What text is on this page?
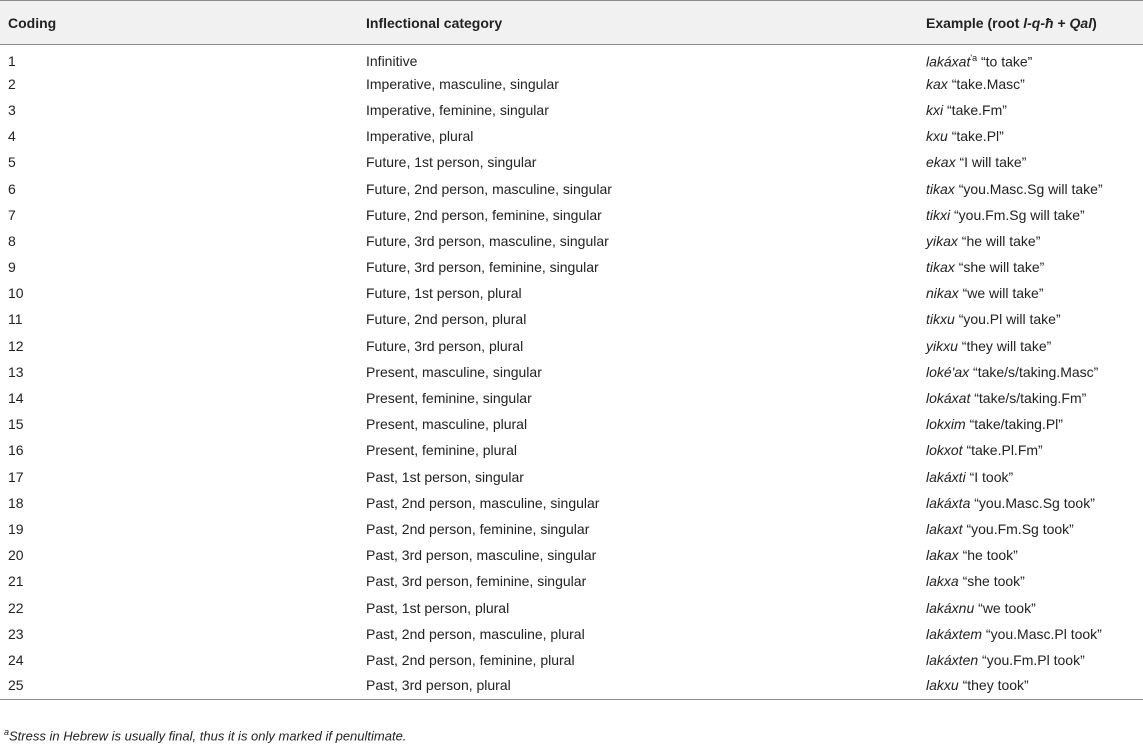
Coding	Inflectional category	Example (root l-q-ħ + Qal)
1	Infinitive	lakáxat$^{'a}$ “to take”
2	Imperative, masculine, singular	kax “take.Masc”
3	Imperative, feminine, singular	kxi “take.Fm”
4	Imperative, plural	kxu “take.Pl”
5	Future, 1st person, singular	ekax “I will take”
6	Future, 2nd person, masculine, singular	tikax “you.Masc.Sg will take”
7	Future, 2nd person, feminine, singular	tikxi “you.Fm.Sg will take”
8	Future, 3rd person, masculine, singular	yikax “he will take”
9	Future, 3rd person, feminine, singular	tikax “she will take”
10	Future, 1st person, plural	nikax “we will take”
11	Future, 2nd person, plural	tikxu “you.Pl will take”
12	Future, 3rd person, plural	yikxu “they will take”
13	Present, masculine, singular	loké'ax “take/s/taking.Masc”
14	Present, feminine, singular	lokáxat “take/s/taking.Fm”
15	Present, masculine, plural	lokxim “take/taking.Pl”
16	Present, feminine, plural	lokxot “take.Pl.Fm”
17	Past, 1st person, singular	lakáxti “I took”
18	Past, 2nd person, masculine, singular	lakáxta “you.Masc.Sg took”
19	Past, 2nd person, feminine, singular	lakaxt “you.Fm.Sg took”
20	Past, 3rd person, masculine, singular	lakax “he took”
21	Past, 3rd person, feminine, singular	lakxa “she took”
22	Past, 1st person, plural	lakáxnu “we took”
23	Past, 2nd person, masculine, plural	lakáxtem “you.Masc.Pl took”
24	Past, 2nd person, feminine, plural	lakáxten “you.Fm.Pl took”
25	Past, 3rd person, plural	lakxu “they took”
$^a$Stress in Hebrew is usually final, thus it is only marked if penultimate.
